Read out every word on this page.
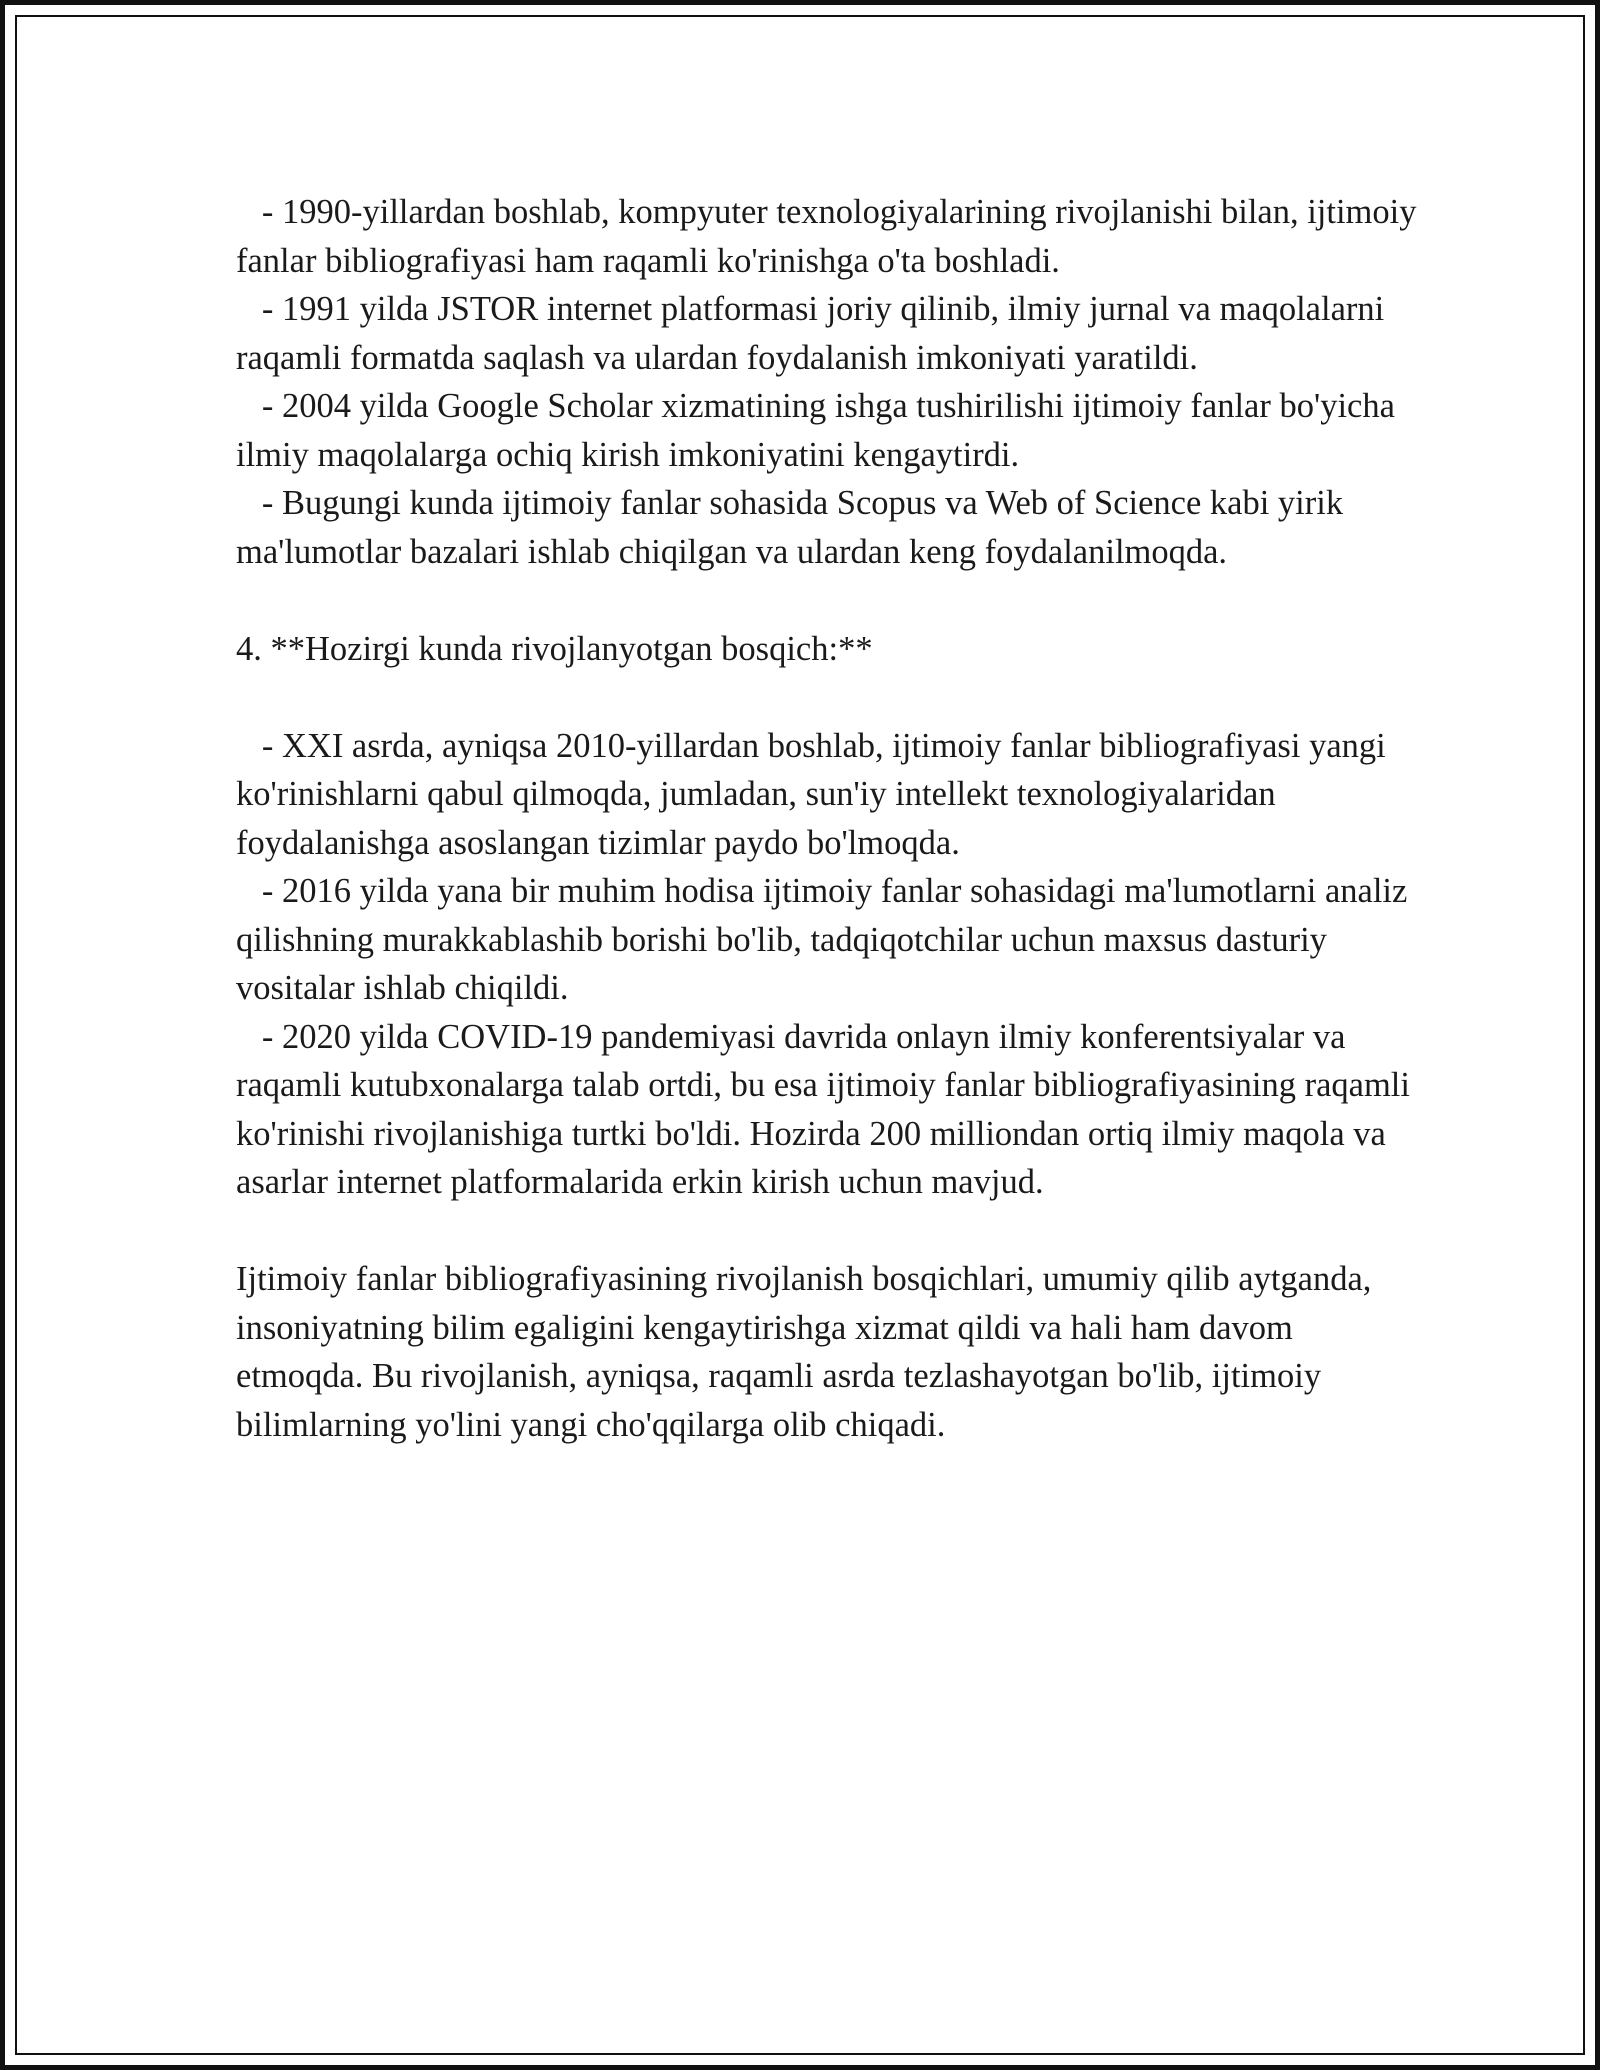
- 1990-yillardan boshlab, kompyuter texnologiyalarining rivojlanishi bilan, ijtimoiy fanlar bibliografiyasi ham raqamli ko'rinishga o'ta boshladi.

- 1991 yilda JSTOR internet platformasi joriy qilinib, ilmiy jurnal va maqolalarni raqamli formatda saqlash va ulardan foydalanish imkoniyati yaratildi.

- 2004 yilda Google Scholar xizmatining ishga tushirilishi ijtimoiy fanlar bo'yicha ilmiy maqolalarga ochiq kirish imkoniyatini kengaytirdi.

- Bugungi kunda ijtimoiy fanlar sohasida Scopus va Web of Science kabi yirik ma'lumotlar bazalari ishlab chiqilgan va ulardan keng foydalanilmoqda.

4. **Hozirgi kunda rivojlanyotgan bosqich:**

- XXI asrda, ayniqsa 2010-yillardan boshlab, ijtimoiy fanlar bibliografiyasi yangi ko'rinishlarni qabul qilmoqda, jumladan, sun'iy intellekt texnologiyalaridan foydalanishga asoslangan tizimlar paydo bo'lmoqda.

- 2016 yilda yana bir muhim hodisa ijtimoiy fanlar sohasidagi ma'lumotlarni analiz qilishning murakkablashib borishi bo'lib, tadqiqotchilar uchun maxsus dasturiy vositalar ishlab chiqildi.

- 2020 yilda COVID-19 pandemiyasi davrida onlayn ilmiy konferentsiyalar va raqamli kutubxonalarga talab ortdi, bu esa ijtimoiy fanlar bibliografiyasining raqamli ko'rinishi rivojlanishiga turtki bo'ldi. Hozirda 200 milliondan ortiq ilmiy maqola va asarlar internet platformalarida erkin kirish uchun mavjud.

Ijtimoiy fanlar bibliografiyasining rivojlanish bosqichlari, umumiy qilib aytganda, insoniyatning bilim egaligini kengaytirishga xizmat qildi va hali ham davom etmoqda. Bu rivojlanish, ayniqsa, raqamli asrda tezlashayotgan bo'lib, ijtimoiy bilimlarning yo'lini yangi cho'qqilarga olib chiqadi.
